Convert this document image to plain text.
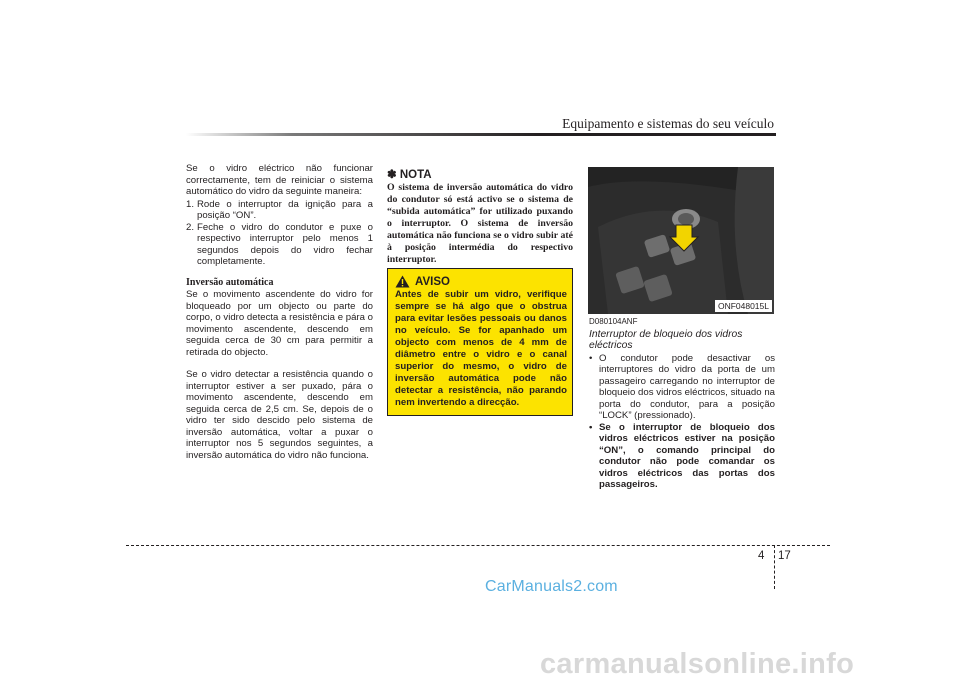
Equipamento e sistemas do seu veículo

Se o vidro eléctrico não funcionar correctamente, tem de reiniciar o sistema automático do vidro da seguinte maneira:

1. Rode o interruptor da ignição para a posição “ON”.
2. Feche o vidro do condutor e puxe o respectivo interruptor pelo menos 1 segundos depois do vidro fechar completamente.
Inversão automática

Se o movimento ascendente do vidro for bloqueado por um objecto ou parte do corpo, o vidro detecta a resistência e pára o movimento ascendente, descendo em seguida cerca de 30 cm para permitir a retirada do objecto.

Se o vidro detectar a resistência quando o interruptor estiver a ser puxado, pára o movimento ascendente, descendo em seguida cerca de 2,5 cm. Se, depois de o vidro ter sido descido pelo sistema de inversão automática, voltar a puxar o interruptor nos 5 segundos seguintes, a inversão automática do vidro não funciona.

✽ NOTA
O sistema de inversão automática do vidro do condutor só está activo se o sistema de “subida automática” for utilizado puxando o interruptor. O sistema de inversão automática não funciona se o vidro subir até à posição intermédia do respectivo interruptor.
AVISO
Antes de subir um vidro, verifique sempre se há algo que o obstrua para evitar lesões pessoais ou danos no veículo. Se for apanhado um objecto com menos de 4 mm de diâmetro entre o vidro e o canal superior do mesmo, o vidro de inversão automática pode não detectar a resistência, não parando nem invertendo a direcção.
ONF048015L
D080104ANF
Interruptor de bloqueio dos vidros eléctricos
• O condutor pode desactivar os interruptores do vidro da porta de um passageiro carregando no interruptor de bloqueio dos vidros eléctricos, situado na porta do condutor, para a posição “LOCK” (pressionado).
• Se o interruptor de bloqueio dos vidros eléctricos estiver na posição “ON”, o comando principal do condutor não pode comandar os vidros eléctricos das portas dos passageiros.
4 17
CarManuals2.com
carmanualsonline.info
